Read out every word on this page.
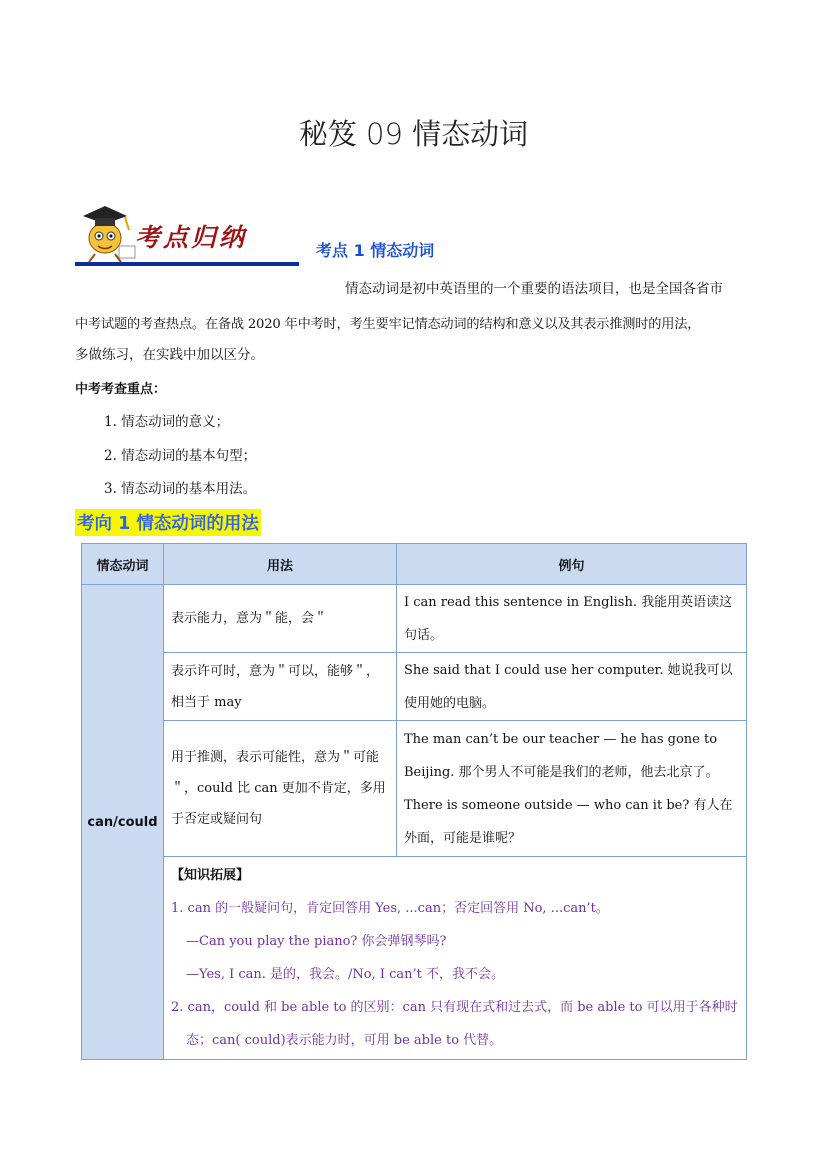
秘笈 09 情态动词
考点归纳	考点 1 情态动词
情态动词是初中英语里的一个重要的语法项目，也是全国各省市
中考试题的考查热点。在备战 2020 年中考时，考生要牢记情态动词的结构和意义以及其表示推测时的用法，
多做练习，在实践中加以区分。
中考考查重点：
1. 情态动词的意义；
2. 情态动词的基本句型；
3. 情态动词的基本用法。
考向 1 情态动词的用法
情态动词	用法	例句
can/could	表示能力，意为＂能，会＂	I can read this sentence in English. 我能用英语读这句话。
	表示许可时，意为＂可以，能够＂，相当于 may	She said that I could use her computer. 她说我可以使用她的电脑。
	用于推测，表示可能性，意为＂可能＂，could 比 can 更加不肯定，多用于否定或疑问句	The man can’t be our teacher — he has gone to Beijing. 那个男人不可能是我们的老师，他去北京了。
There is someone outside — who can it be? 有人在外面，可能是谁呢？

	【知识拓展】
1. can 的一般疑问句，肯定回答用 Yes, ...can；否定回答用 No, ...can’t。
—Can you play the piano? 你会弹钢琴吗?
—Yes, I can. 是的，我会。/No, I can’t 不，我不会。
2. can，could 和 be able to 的区别：can 只有现在式和过去式，而 be able to 可以用于各种时态；can( could)表示能力时，可用 be able to 代替。	
